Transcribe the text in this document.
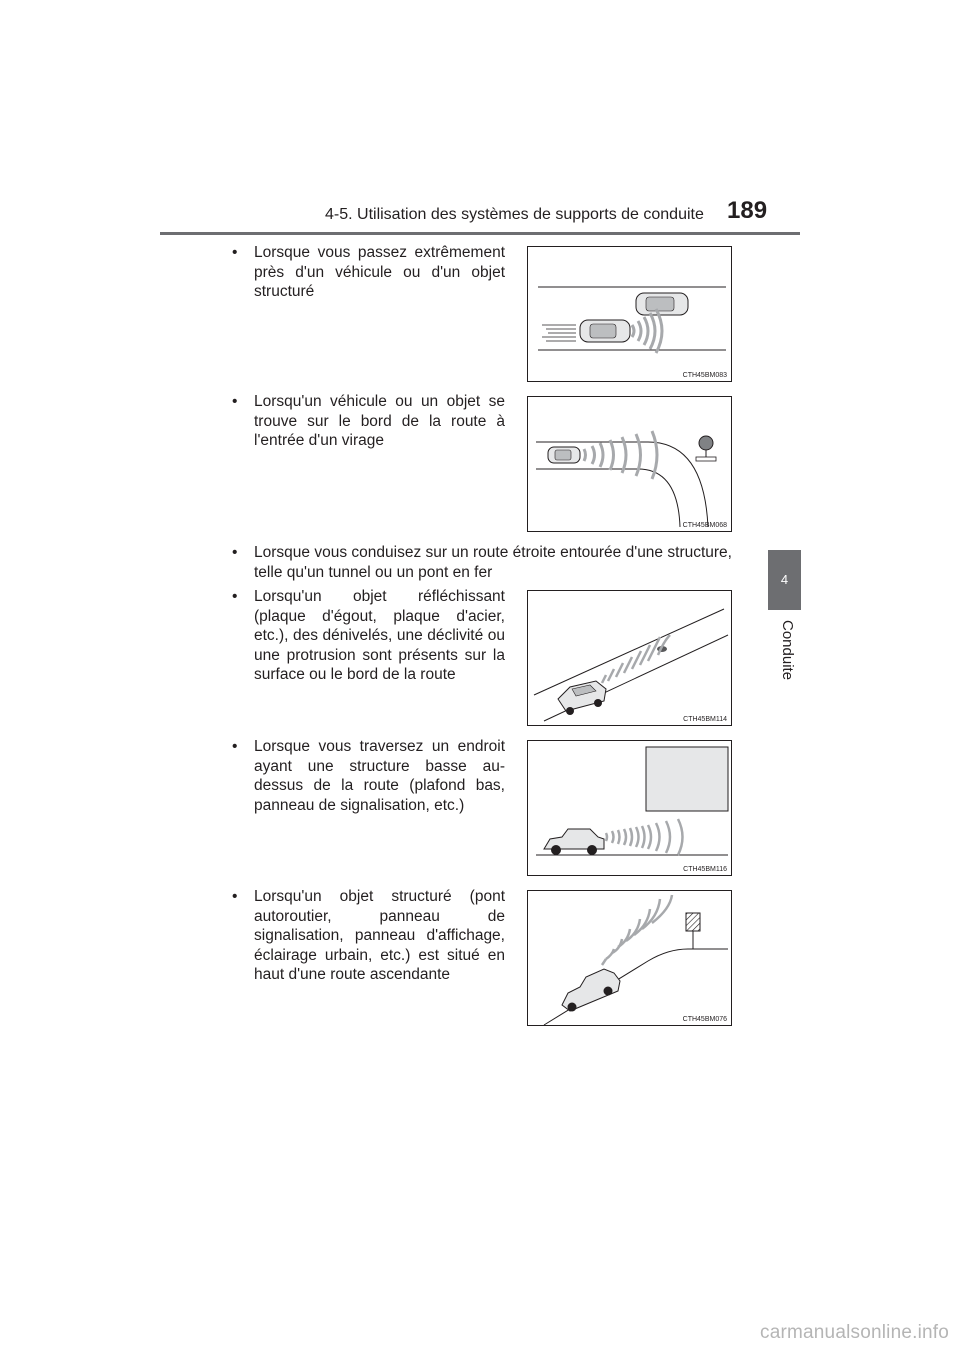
4-5. Utilisation des systèmes de supports de conduite 189
4
Conduite
• Lorsque vous passez extrêmement près d'un véhicule ou d'un objet structuré
CTH45BM083
• Lorsqu'un véhicule ou un objet se trouve sur le bord de la route à l'entrée d'un virage
CTH45BM068
• Lorsque vous conduisez sur un route étroite entourée d'une structure, telle qu'un tunnel ou un pont en fer
• Lorsqu'un objet réfléchissant (plaque d'égout, plaque d'acier, etc.), des dénivelés, une déclivité ou une protrusion sont présents sur la surface ou le bord de la route
CTH45BM114
• Lorsque vous traversez un endroit ayant une structure basse au-dessus de la route (plafond bas, panneau de signalisation, etc.)
CTH45BM116
• Lorsqu'un objet structuré (pont autoroutier, panneau de signalisation, panneau d'affichage, éclairage urbain, etc.) est situé en haut d'une route ascendante
CTH45BM076
carmanualsonline.info
